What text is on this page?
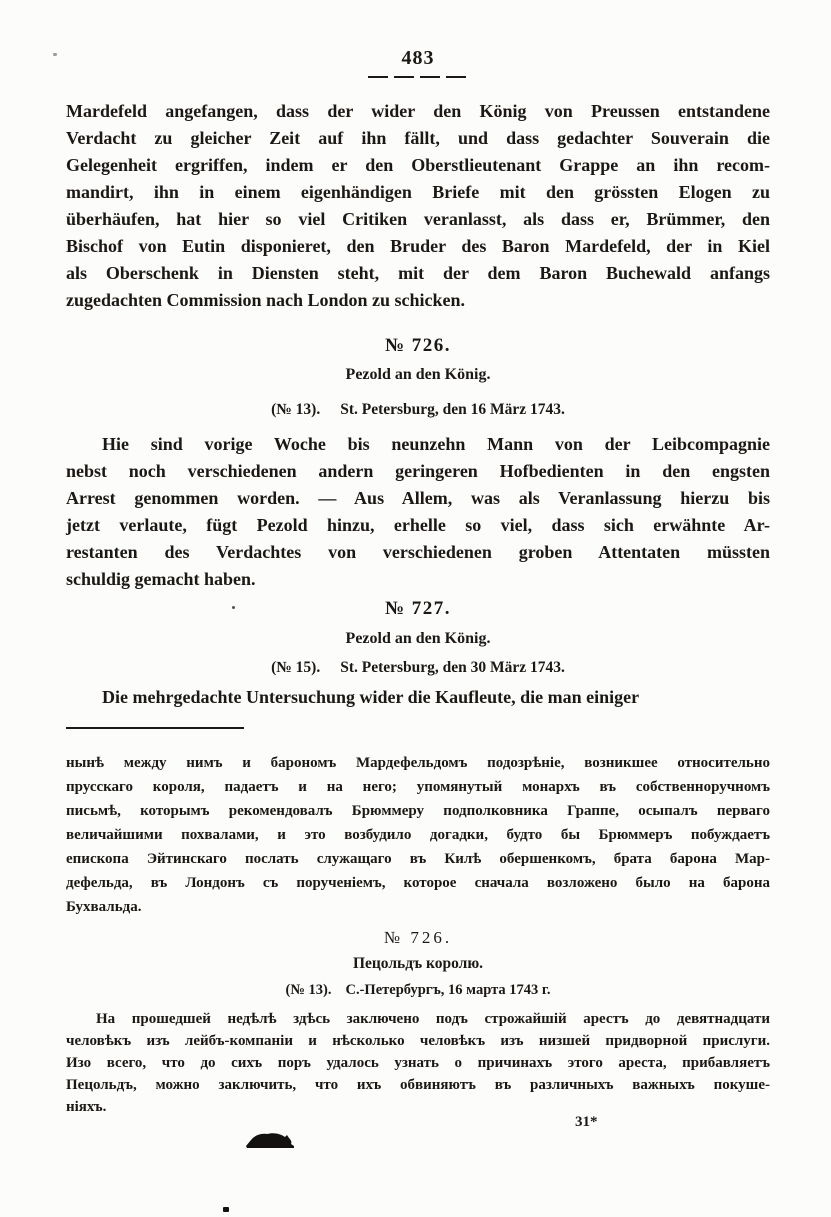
483
Mardefeld angefangen, dass der wider den König von Preussen entstandene
Verdacht zu gleicher Zeit auf ihn fällt, und dass gedachter Souverain die
Gelegenheit ergriffen, indem er den Oberstlieutenant Grappe an ihn recom-
mandirt, ihn in einem eigenhändigen Briefe mit den grössten Elogen zu
überhäufen, hat hier so viel Critiken veranlasst, als dass er, Brümmer, den
Bischof von Eutin disponieret, den Bruder des Baron Mardefeld, der in Kiel
als Oberschenk in Diensten steht, mit der dem Baron Buchewald anfangs
zugedachten Commission nach London zu schicken.
№ 726.
Pezold an den König.
(№ 13). St. Petersburg, den 16 März 1743.
Hie sind vorige Woche bis neunzehn Mann von der Leibcompagnie
nebst noch verschiedenen andern geringeren Hofbedienten in den engsten
Arrest genommen worden. — Aus Allem, was als Veranlassung hierzu bis
jetzt verlaute, fügt Pezold hinzu, erhelle so viel, dass sich erwähnte Ar-
restanten des Verdachtes von verschiedenen groben Attentaten müssten
schuldig gemacht haben.
№ 727.
Pezold an den König.
(№ 15). St. Petersburg, den 30 März 1743.
Die mehrgedachte Untersuchung wider die Kaufleute, die man einiger
нынѣ между нимъ и барономъ Мардефельдомъ подозрѣніе, возникшее относительно
прусскаго короля, падаетъ и на него; упомянутый монархъ въ собственноручномъ
письмѣ, которымъ рекомендовалъ Брюммеру подполковника Граппе, осыпалъ перваго
величайшими похвалами, и это возбудило догадки, будто бы Брюммеръ побуждаетъ
епископа Эйтинскаго послать служащаго въ Килѣ обершенкомъ, брата барона Мар-
дефельда, въ Лондонъ съ порученіемъ, которое сначала возложено было на барона
Бухвальда.
№ 726.
Пецольдъ королю.
(№ 13). С.-Петербургъ, 16 марта 1743 г.
На прошедшей недѣлѣ здѣсь заключено подъ строжайшій арестъ до девятнадцати
человѣкъ изъ лейбъ-компаніи и нѣсколько человѣкъ изъ низшей придворной прислуги.
Изо всего, что до сихъ поръ удалось узнать о причинахъ этого ареста, прибавляетъ
Пецольдъ, можно заключить, что ихъ обвиняютъ въ различныхъ важныхъ покуше-
ніяхъ.
31*
